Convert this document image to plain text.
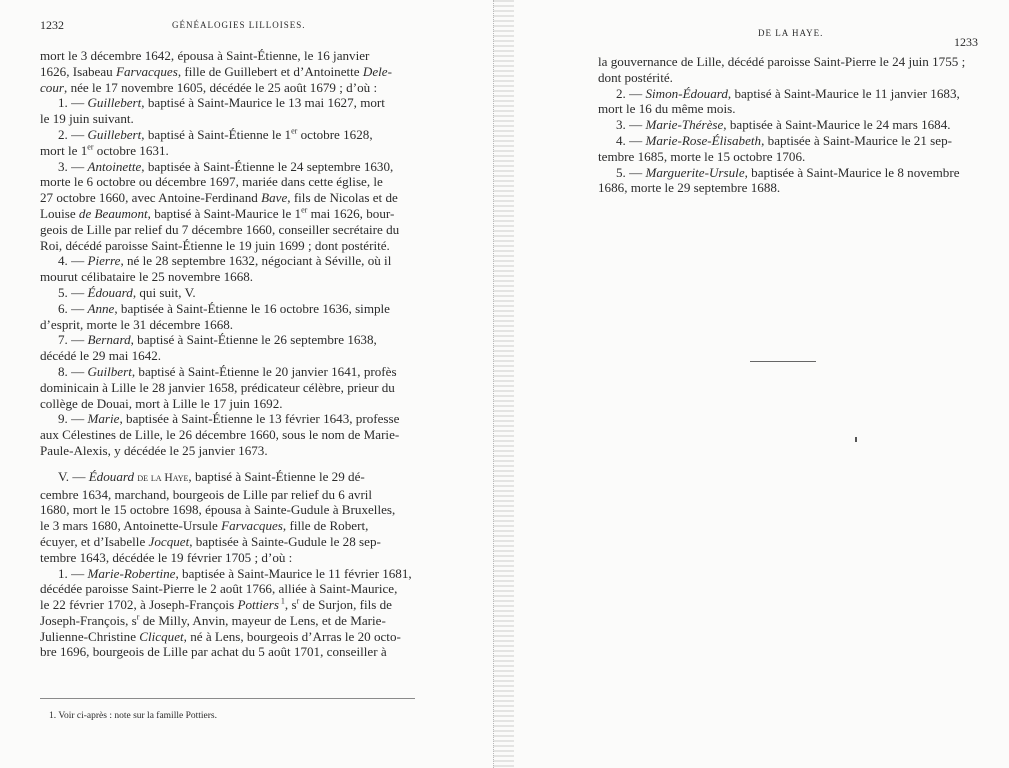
1232	GÉNÉALOGIES LILLOISES.

mort le 3 décembre 1642, épousa à Saint-Étienne, le 16 janvier

1626, Isabeau Farvacques, fille de Guillebert et d’Antoinette Dele-

cour, née le 17 novembre 1605, décédée le 25 août 1679 ; d’où :

1. — Guillebert, baptisé à Saint-Maurice le 13 mai 1627, mort

le 19 juin suivant.

2. — Guillebert, baptisé à Saint-Étienne le 1er octobre 1628,

mort le 1er octobre 1631.

3. — Antoinette, baptisée à Saint-Étienne le 24 septembre 1630,

morte le 6 octobre ou décembre 1697, mariée dans cette église, le

27 octobre 1660, avec Antoine-Ferdinand Bave, fils de Nicolas et de

Louise de Beaumont, baptisé à Saint-Maurice le 1er mai 1626, bour-

geois de Lille par relief du 7 décembre 1660, conseiller secrétaire du

Roi, décédé paroisse Saint-Étienne le 19 juin 1699 ; dont postérité.

4. — Pierre, né le 28 septembre 1632, négociant à Séville, où il

mourut célibataire le 25 novembre 1668.

5. — Édouard, qui suit, V.

6. — Anne, baptisée à Saint-Étienne le 16 octobre 1636, simple

d’esprit, morte le 31 décembre 1668.

7. — Bernard, baptisé à Saint-Étienne le 26 septembre 1638,

décédé le 29 mai 1642.

8. — Guilbert, baptisé à Saint-Étienne le 20 janvier 1641, profès

dominicain à Lille le 28 janvier 1658, prédicateur célèbre, prieur du

collège de Douai, mort à Lille le 17 juin 1692.

9. — Marie, baptisée à Saint-Étienne le 13 février 1643, professe

aux Célestines de Lille, le 26 décembre 1660, sous le nom de Marie-

Paule-Alexis, y décédée le 25 janvier 1673.

V. — Édouard de la Haye, baptisé à Saint-Étienne le 29 dé-

cembre 1634, marchand, bourgeois de Lille par relief du 6 avril

1680, mort le 15 octobre 1698, épousa à Sainte-Gudule à Bruxelles,

le 3 mars 1680, Antoinette-Ursule Farvacques, fille de Robert,

écuyer, et d’Isabelle Jocquet, baptisée à Sainte-Gudule le 28 sep-

tembre 1643, décédée le 19 février 1705 ; d’où :

1. — Marie-Robertine, baptisée à Saint-Maurice le 11 février 1681,

décédée paroisse Saint-Pierre le 2 août 1766, alliée à Saint-Maurice,

le 22 février 1702, à Joseph-François Pottiers $^1$, $s^r$ de Surjon, fils de

Joseph-François, $s^r$ de Milly, Anvin, mayeur de Lens, et de Marie-

Julienne-Christine Clicquet, né à Lens, bourgeois d’Arras le 20 octo-

bre 1696, bourgeois de Lille par achat du 5 août 1701, conseiller à

1. Voir ci-après : note sur la famille Pottiers.
DE LA HAYE.
1233

la gouvernance de Lille, décédé paroisse Saint-Pierre le 24 juin 1755 ;

dont postérité.

2. — Simon-Édouard, baptisé à Saint-Maurice le 11 janvier 1683,

mort le 16 du même mois.

3. — Marie-Thérèse, baptisée à Saint-Maurice le 24 mars 1684.

4. — Marie-Rose-Élisabeth, baptisée à Saint-Maurice le 21 sep-

tembre 1685, morte le 15 octobre 1706.

5. — Marguerite-Ursule, baptisée à Saint-Maurice le 8 novembre

1686, morte le 29 septembre 1688.
